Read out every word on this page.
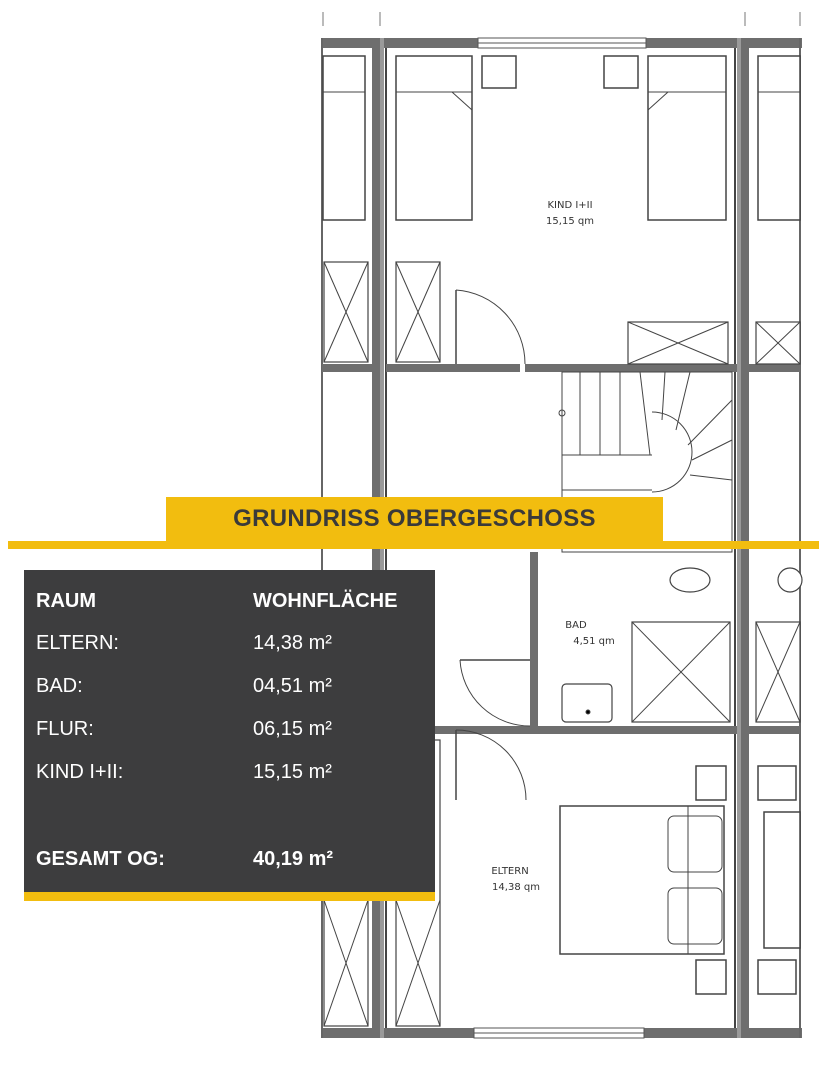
KIND I+II
15,15 qm
BAD
4,51 qm
ELTERN
14,38 qm
GRUNDRISS OBERGESCHOSS
RAUM	WOHNFLÄCHE
ELTERN:	14,38 m²
BAD:	04,51 m²
FLUR:	06,15 m²
KIND I+II:	15,15 m²
GESAMT OG:	40,19 m²
